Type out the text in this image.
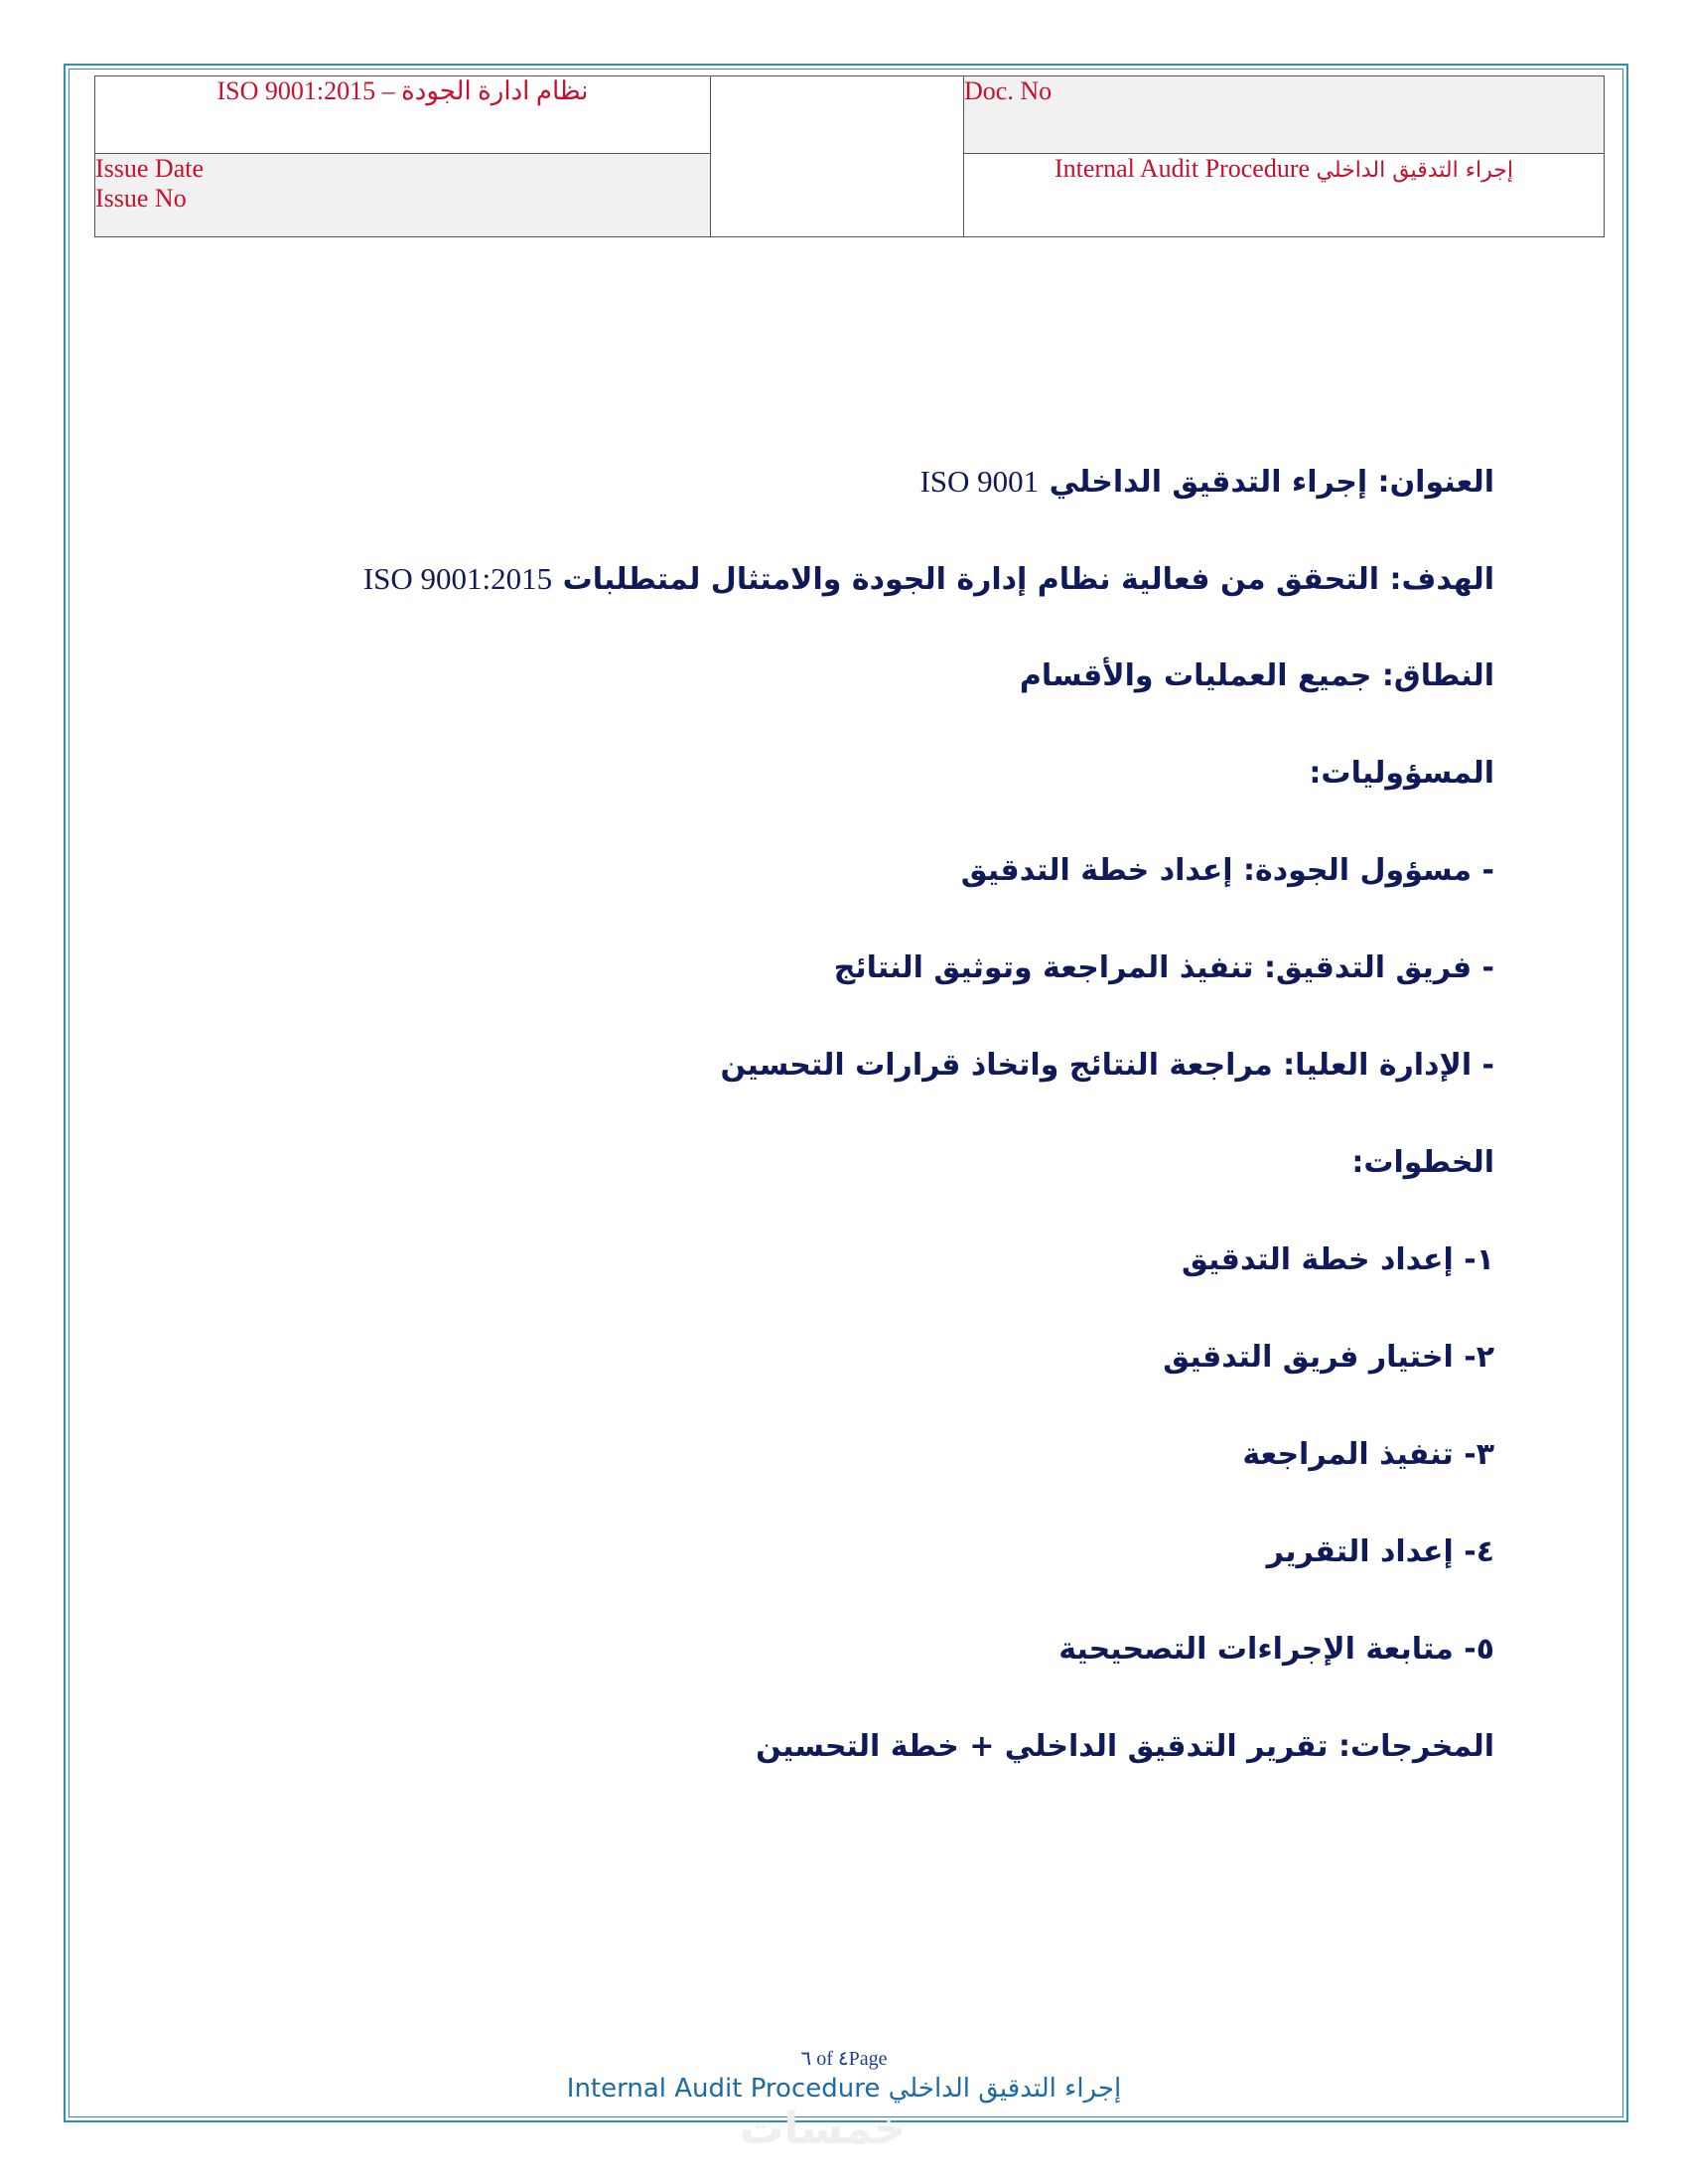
ISO 9001:2015 – نظام ادارة الجودة		Doc. No

Issue Date
Issue No		Internal Audit Procedure إجراء التدقيق الداخلي
العنوان: إجراء التدقيق الداخلي ISO 9001
الهدف: التحقق من فعالية نظام إدارة الجودة والامتثال لمتطلبات ISO 9001:2015
النطاق: جميع العمليات والأقسام
المسؤوليات:
- مسؤول الجودة: إعداد خطة التدقيق
- فريق التدقيق: تنفيذ المراجعة وتوثيق النتائج
- الإدارة العليا: مراجعة النتائج واتخاذ قرارات التحسين
الخطوات:
١- إعداد خطة التدقيق
٢- اختيار فريق التدقيق
٣- تنفيذ المراجعة
٤- إعداد التقرير
٥- متابعة الإجراءات التصحيحية
المخرجات: تقرير التدقيق الداخلي + خطة التحسين
٦ of ٤Page
Internal Audit Procedure إجراء التدقيق الداخلي
خمسات
